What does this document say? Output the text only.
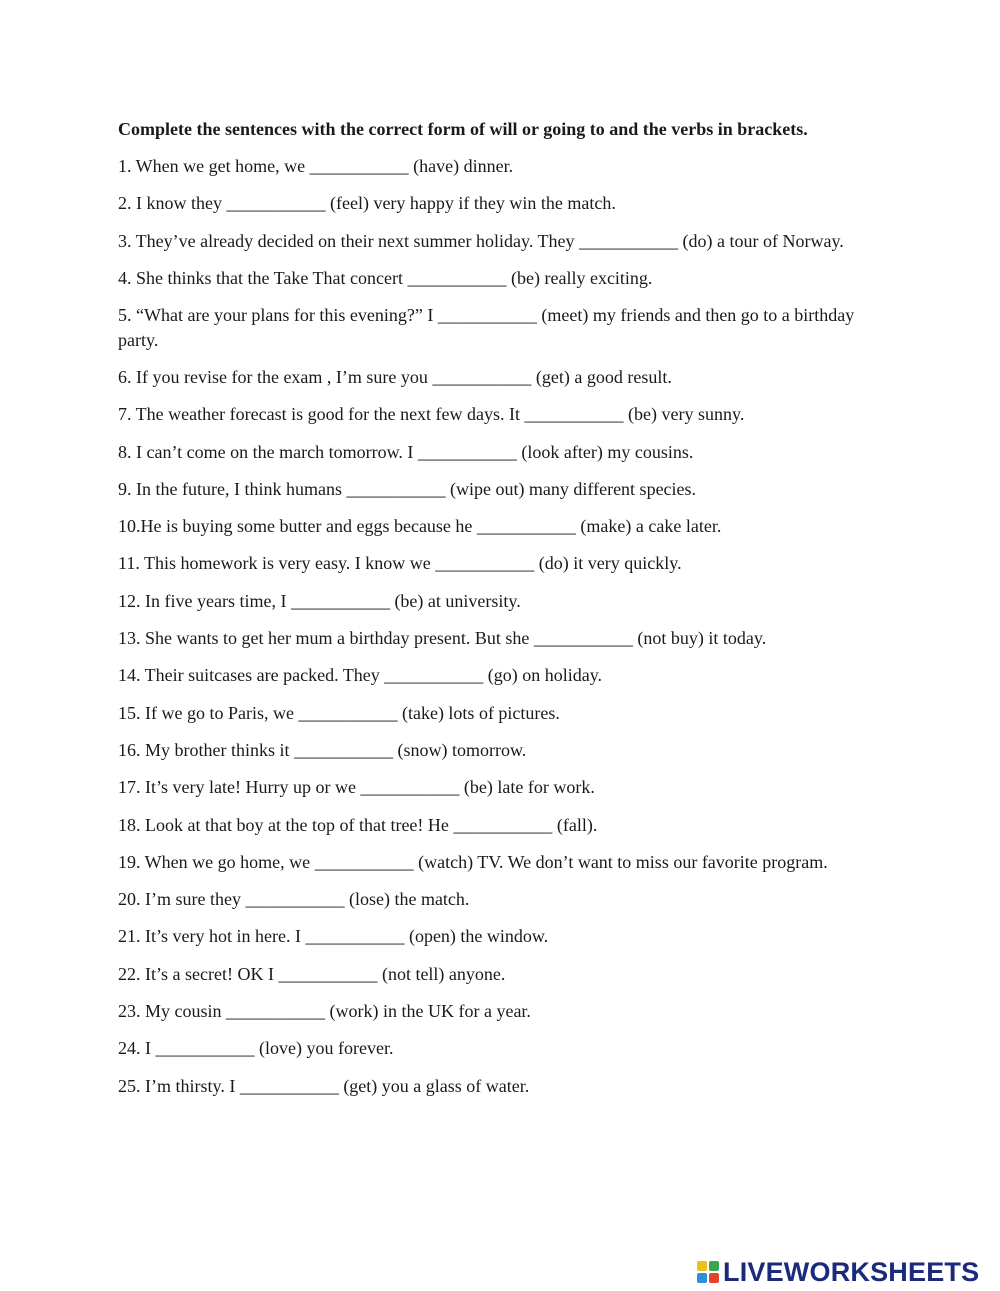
Complete the sentences with the correct form of will or going to and the verbs in brackets.
1. When we get home, we ___________ (have) dinner.
2. I know they ___________ (feel) very happy if they win the match.
3. They’ve already decided on their next summer holiday. They ___________ (do) a tour of Norway.
4. She thinks that the Take That concert ___________ (be) really exciting.
5. “What are your plans for this evening?” I ___________ (meet) my friends and then go to a birthday party.
6. If you revise for the exam , I’m sure you ___________ (get) a good result.
7. The weather forecast is good for the next few days. It ___________ (be) very sunny.
8. I can’t come on the march tomorrow. I ___________ (look after) my cousins.
9. In the future, I think humans ___________ (wipe out) many different species.
10.He is buying some butter and eggs because he ___________ (make) a cake later.
11. This homework is very easy. I know we ___________ (do) it very quickly.
12. In five years time, I ___________ (be) at university.
13. She wants to get her mum a birthday present. But she ___________ (not buy) it today.
14. Their suitcases are packed. They ___________ (go) on holiday.
15. If we go to Paris, we ___________ (take) lots of pictures.
16. My brother thinks it ___________ (snow) tomorrow.
17. It’s very late! Hurry up or we ___________ (be) late for work.
18. Look at that boy at the top of that tree! He ___________ (fall).
19. When we go home, we ___________ (watch) TV. We don’t want to miss our favorite program.
20. I’m sure they ___________ (lose) the match.
21. It’s very hot in here. I ___________ (open) the window.
22. It’s a secret! OK I ___________ (not tell) anyone.
23. My cousin ___________ (work) in the UK for a year.
24. I ___________ (love) you forever.
25. I’m thirsty. I ___________ (get) you a glass of water.
LIVEWORKSHEETS
